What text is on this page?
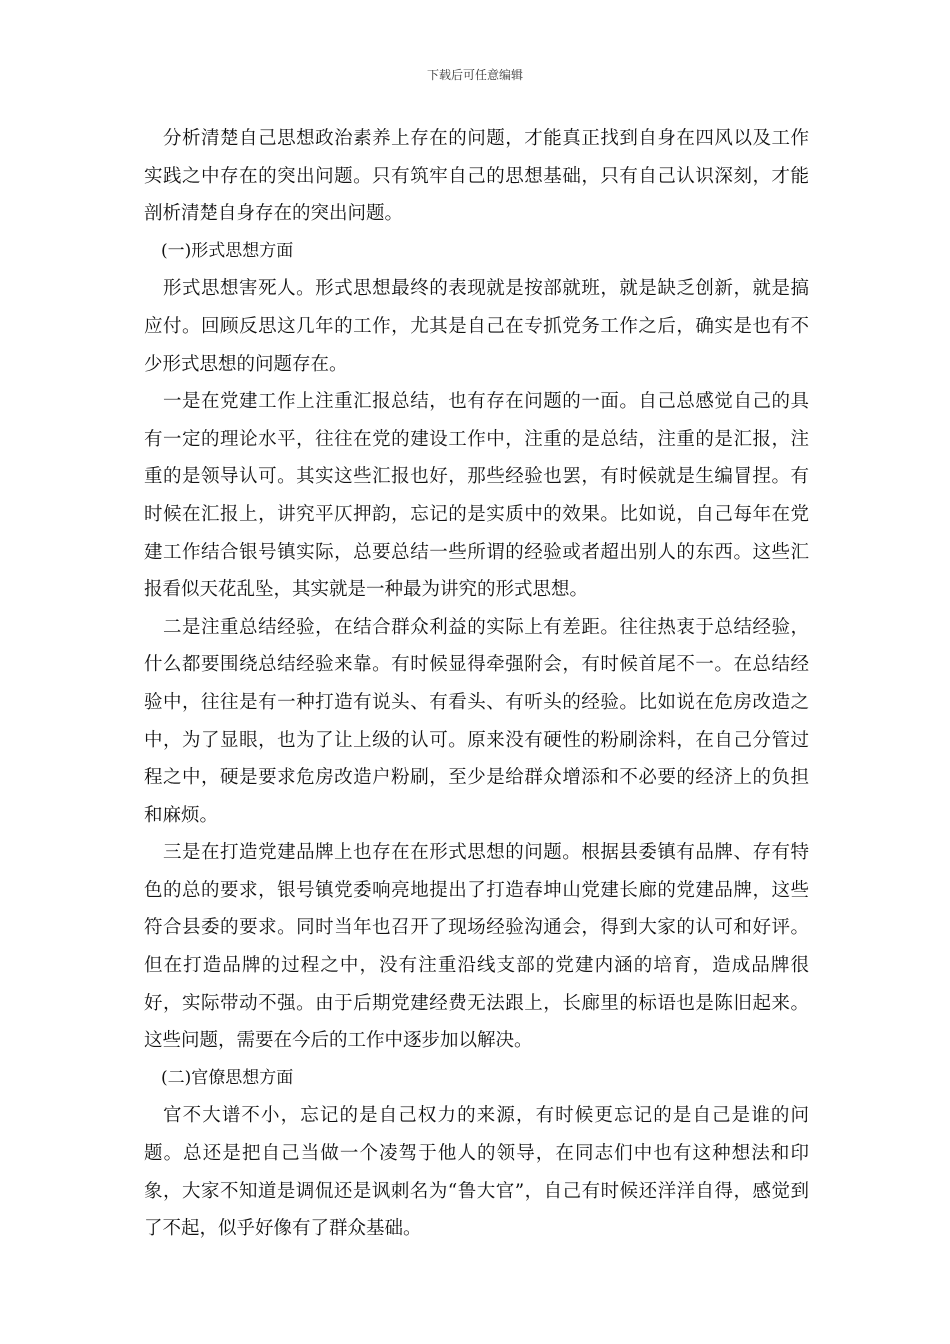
下载后可任意编辑

分析清楚自己思想政治素养上存在的问题，才能真正找到自身在四风以及工作实践之中存在的突出问题。只有筑牢自己的思想基础，只有自己认识深刻，才能剖析清楚自身存在的突出问题。

(一)形式思想方面

形式思想害死人。形式思想最终的表现就是按部就班，就是缺乏创新，就是搞应付。回顾反思这几年的工作，尤其是自己在专抓党务工作之后，确实是也有不少形式思想的问题存在。

一是在党建工作上注重汇报总结，也有存在问题的一面。自己总感觉自己的具有一定的理论水平，往往在党的建设工作中，注重的是总结，注重的是汇报，注重的是领导认可。其实这些汇报也好，那些经验也罢，有时候就是生编冒捏。有时候在汇报上，讲究平仄押韵，忘记的是实质中的效果。比如说，自己每年在党建工作结合银号镇实际，总要总结一些所谓的经验或者超出别人的东西。这些汇报看似天花乱坠，其实就是一种最为讲究的形式思想。

二是注重总结经验，在结合群众利益的实际上有差距。往往热衷于总结经验，什么都要围绕总结经验来靠。有时候显得牵强附会，有时候首尾不一。在总结经验中，往往是有一种打造有说头、有看头、有听头的经验。比如说在危房改造之中，为了显眼，也为了让上级的认可。原来没有硬性的粉刷涂料，在自己分管过程之中，硬是要求危房改造户粉刷，至少是给群众增添和不必要的经济上的负担和麻烦。

三是在打造党建品牌上也存在在形式思想的问题。根据县委镇有品牌、存有特色的总的要求，银号镇党委响亮地提出了打造春坤山党建长廊的党建品牌，这些符合县委的要求。同时当年也召开了现场经验沟通会，得到大家的认可和好评。但在打造品牌的过程之中，没有注重沿线支部的党建内涵的培育，造成品牌很好，实际带动不强。由于后期党建经费无法跟上，长廊里的标语也是陈旧起来。这些问题，需要在今后的工作中逐步加以解决。

(二)官僚思想方面

官不大谱不小，忘记的是自己权力的来源，有时候更忘记的是自己是谁的问题。总还是把自己当做一个凌驾于他人的领导，在同志们中也有这种想法和印象，大家不知道是调侃还是讽刺名为“鲁大官”，自己有时候还洋洋自得，感觉到了不起，似乎好像有了群众基础。
